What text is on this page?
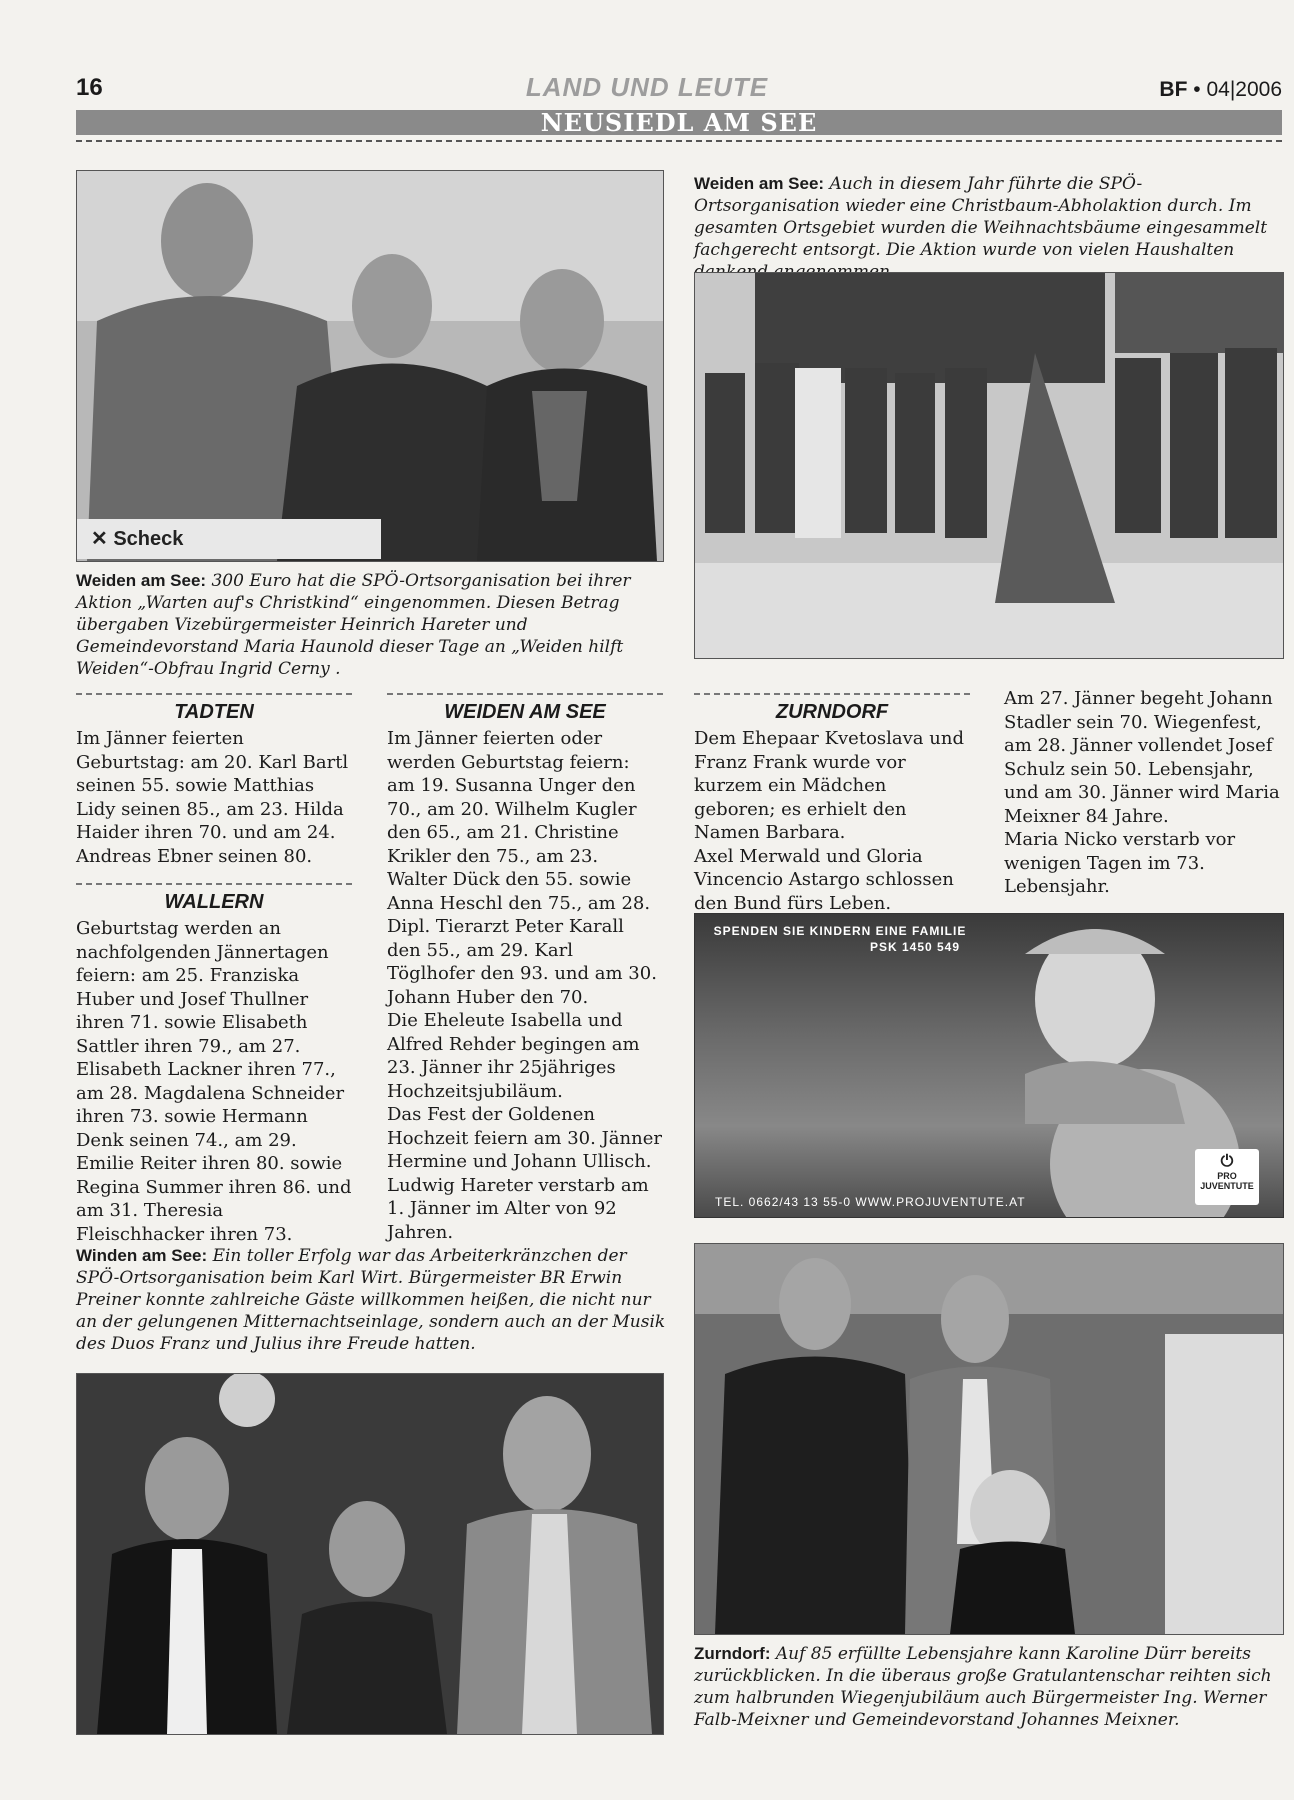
16	LAND UND LEUTE	BF • 04|2006
NEUSIEDL AM SEE
✕ Scheck
Weiden am See: 300 Euro hat die SPÖ-Ortsorganisation bei ihrer Aktion „Warten auf's Christkind“ eingenommen. Diesen Betrag übergaben Vizebürgermeister Heinrich Hareter und Gemeindevorstand Maria Haunold dieser Tage an „Weiden hilft Weiden“-Obfrau Ingrid Cerny .
Weiden am See: Auch in diesem Jahr führte die SPÖ-Ortsorganisation wieder eine Christbaum-Abholaktion durch. Im gesamten Ortsgebiet wurden die Weihnachtsbäume eingesammelt fachgerecht entsorgt. Die Aktion wurde von vielen Haushalten
TADTEN

Im Jänner feierten Geburtstag: am 20. Karl Bartl seinen 55. sowie Matthias Lidy seinen 85., am 23. Hilda Haider ihren 70. und am 24. Andreas Ebner seinen 80.

WALLERN

Geburtstag werden an nachfolgenden Jännertagen feiern: am 25. Franziska Huber und Josef Thullner ihren 71. sowie Elisabeth Sattler ihren 79., am 27. Elisabeth Lackner ihren 77., am 28. Magdalena Schneider ihren 73. sowie Hermann Denk seinen 74., am 29. Emilie Reiter ihren 80. sowie Regina Summer ihren 86. und am 31. Theresia Fleischhacker ihren 73.

WEIDEN AM SEE

Im Jänner feierten oder werden Geburtstag feiern: am 19. Susanna Unger den 70., am 20. Wilhelm Kugler den 65., am 21. Christine Krikler den 75., am 23. Walter Dück den 55. sowie Anna Heschl den 75., am 28. Dipl. Tierarzt Peter Karall den 55., am 29. Karl Töglhofer den 93. und am 30. Johann Huber den 70.

Die Eheleute Isabella und Alfred Rehder begingen am 23. Jänner ihr 25jähriges Hochzeitsjubiläum.

Das Fest der Goldenen Hochzeit feiern am 30. Jänner Hermine und Johann Ullisch.

Ludwig Hareter verstarb am 1. Jänner im Alter von 92 Jahren.

ZURNDORF

Dem Ehepaar Kvetoslava und Franz Frank wurde vor kurzem ein Mädchen geboren; es erhielt den Namen Barbara.

Axel Merwald und Gloria Vincencio Astargo schlossen den Bund fürs Leben.

Am 27. Jänner begeht Johann Stadler sein 70. Wiegenfest, am 28. Jänner vollendet Josef Schulz sein 50. Lebensjahr, und am 30. Jänner wird Maria Meixner 84 Jahre.

Maria Nicko verstarb vor wenigen Tagen im 73. Lebensjahr.

SPENDEN SIE KINDERN EINE FAMILIE
PSK 1450 549
TEL. 0662/43 13 55-0 WWW.PROJUVENTUTE.AT
⏻
PRO JUVENTUTE
Winden am See: Ein toller Erfolg war das Arbeiterkränzchen der SPÖ-Ortsorganisation beim Karl Wirt. Bürgermeister BR Erwin Preiner konnte zahlreiche Gäste willkommen heißen, die nicht nur an der gelungenen Mitternachtseinlage, sondern auch an der Musik des Duos Franz und Julius ihre Freude hatten.
Zurndorf: Auf 85 erfüllte Lebensjahre kann Karoline Dürr bereits zurückblicken. In die überaus große Gratulantenschar reihten sich zum halbrunden Wiegenjubiläum auch Bürgermeister Ing. Werner Falb-Meixner und Gemeindevorstand Johannes Meixner.
